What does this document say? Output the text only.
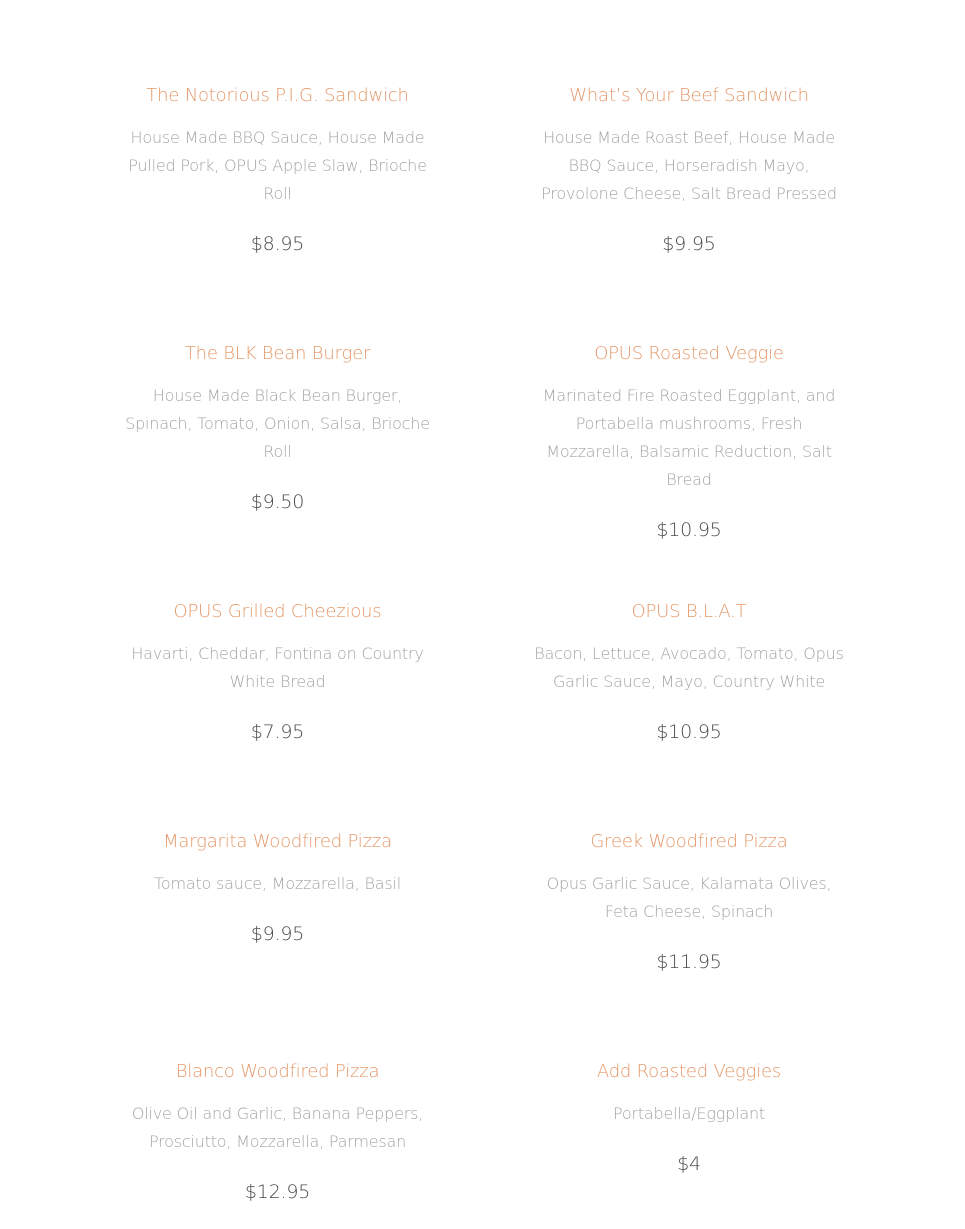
The Notorious P.I.G. Sandwich

House Made BBQ Sauce, House Made Pulled Pork, OPUS Apple Slaw, Brioche Roll

$8.95

What’s Your Beef Sandwich

House Made Roast Beef, House Made BBQ Sauce, Horseradish Mayo, Provolone Cheese, Salt Bread Pressed

$9.95

The BLK Bean Burger

House Made Black Bean Burger, Spinach, Tomato, Onion, Salsa, Brioche Roll

$9.50

OPUS Roasted Veggie

Marinated Fire Roasted Eggplant, and Portabella mushrooms, Fresh Mozzarella, Balsamic Reduction, Salt Bread

$10.95

OPUS Grilled Cheezious

Havarti, Cheddar, Fontina on Country White Bread

$7.95

OPUS B.L.A.T

Bacon, Lettuce, Avocado, Tomato, Opus Garlic Sauce, Mayo, Country White

$10.95

Margarita Woodfired Pizza

Tomato sauce, Mozzarella, Basil

$9.95

Greek Woodfired Pizza

Opus Garlic Sauce, Kalamata Olives, Feta Cheese, Spinach

$11.95

Blanco Woodfired Pizza

Olive Oil and Garlic, Banana Peppers, Prosciutto, Mozzarella, Parmesan

$12.95

Add Roasted Veggies

Portabella/Eggplant

$4
